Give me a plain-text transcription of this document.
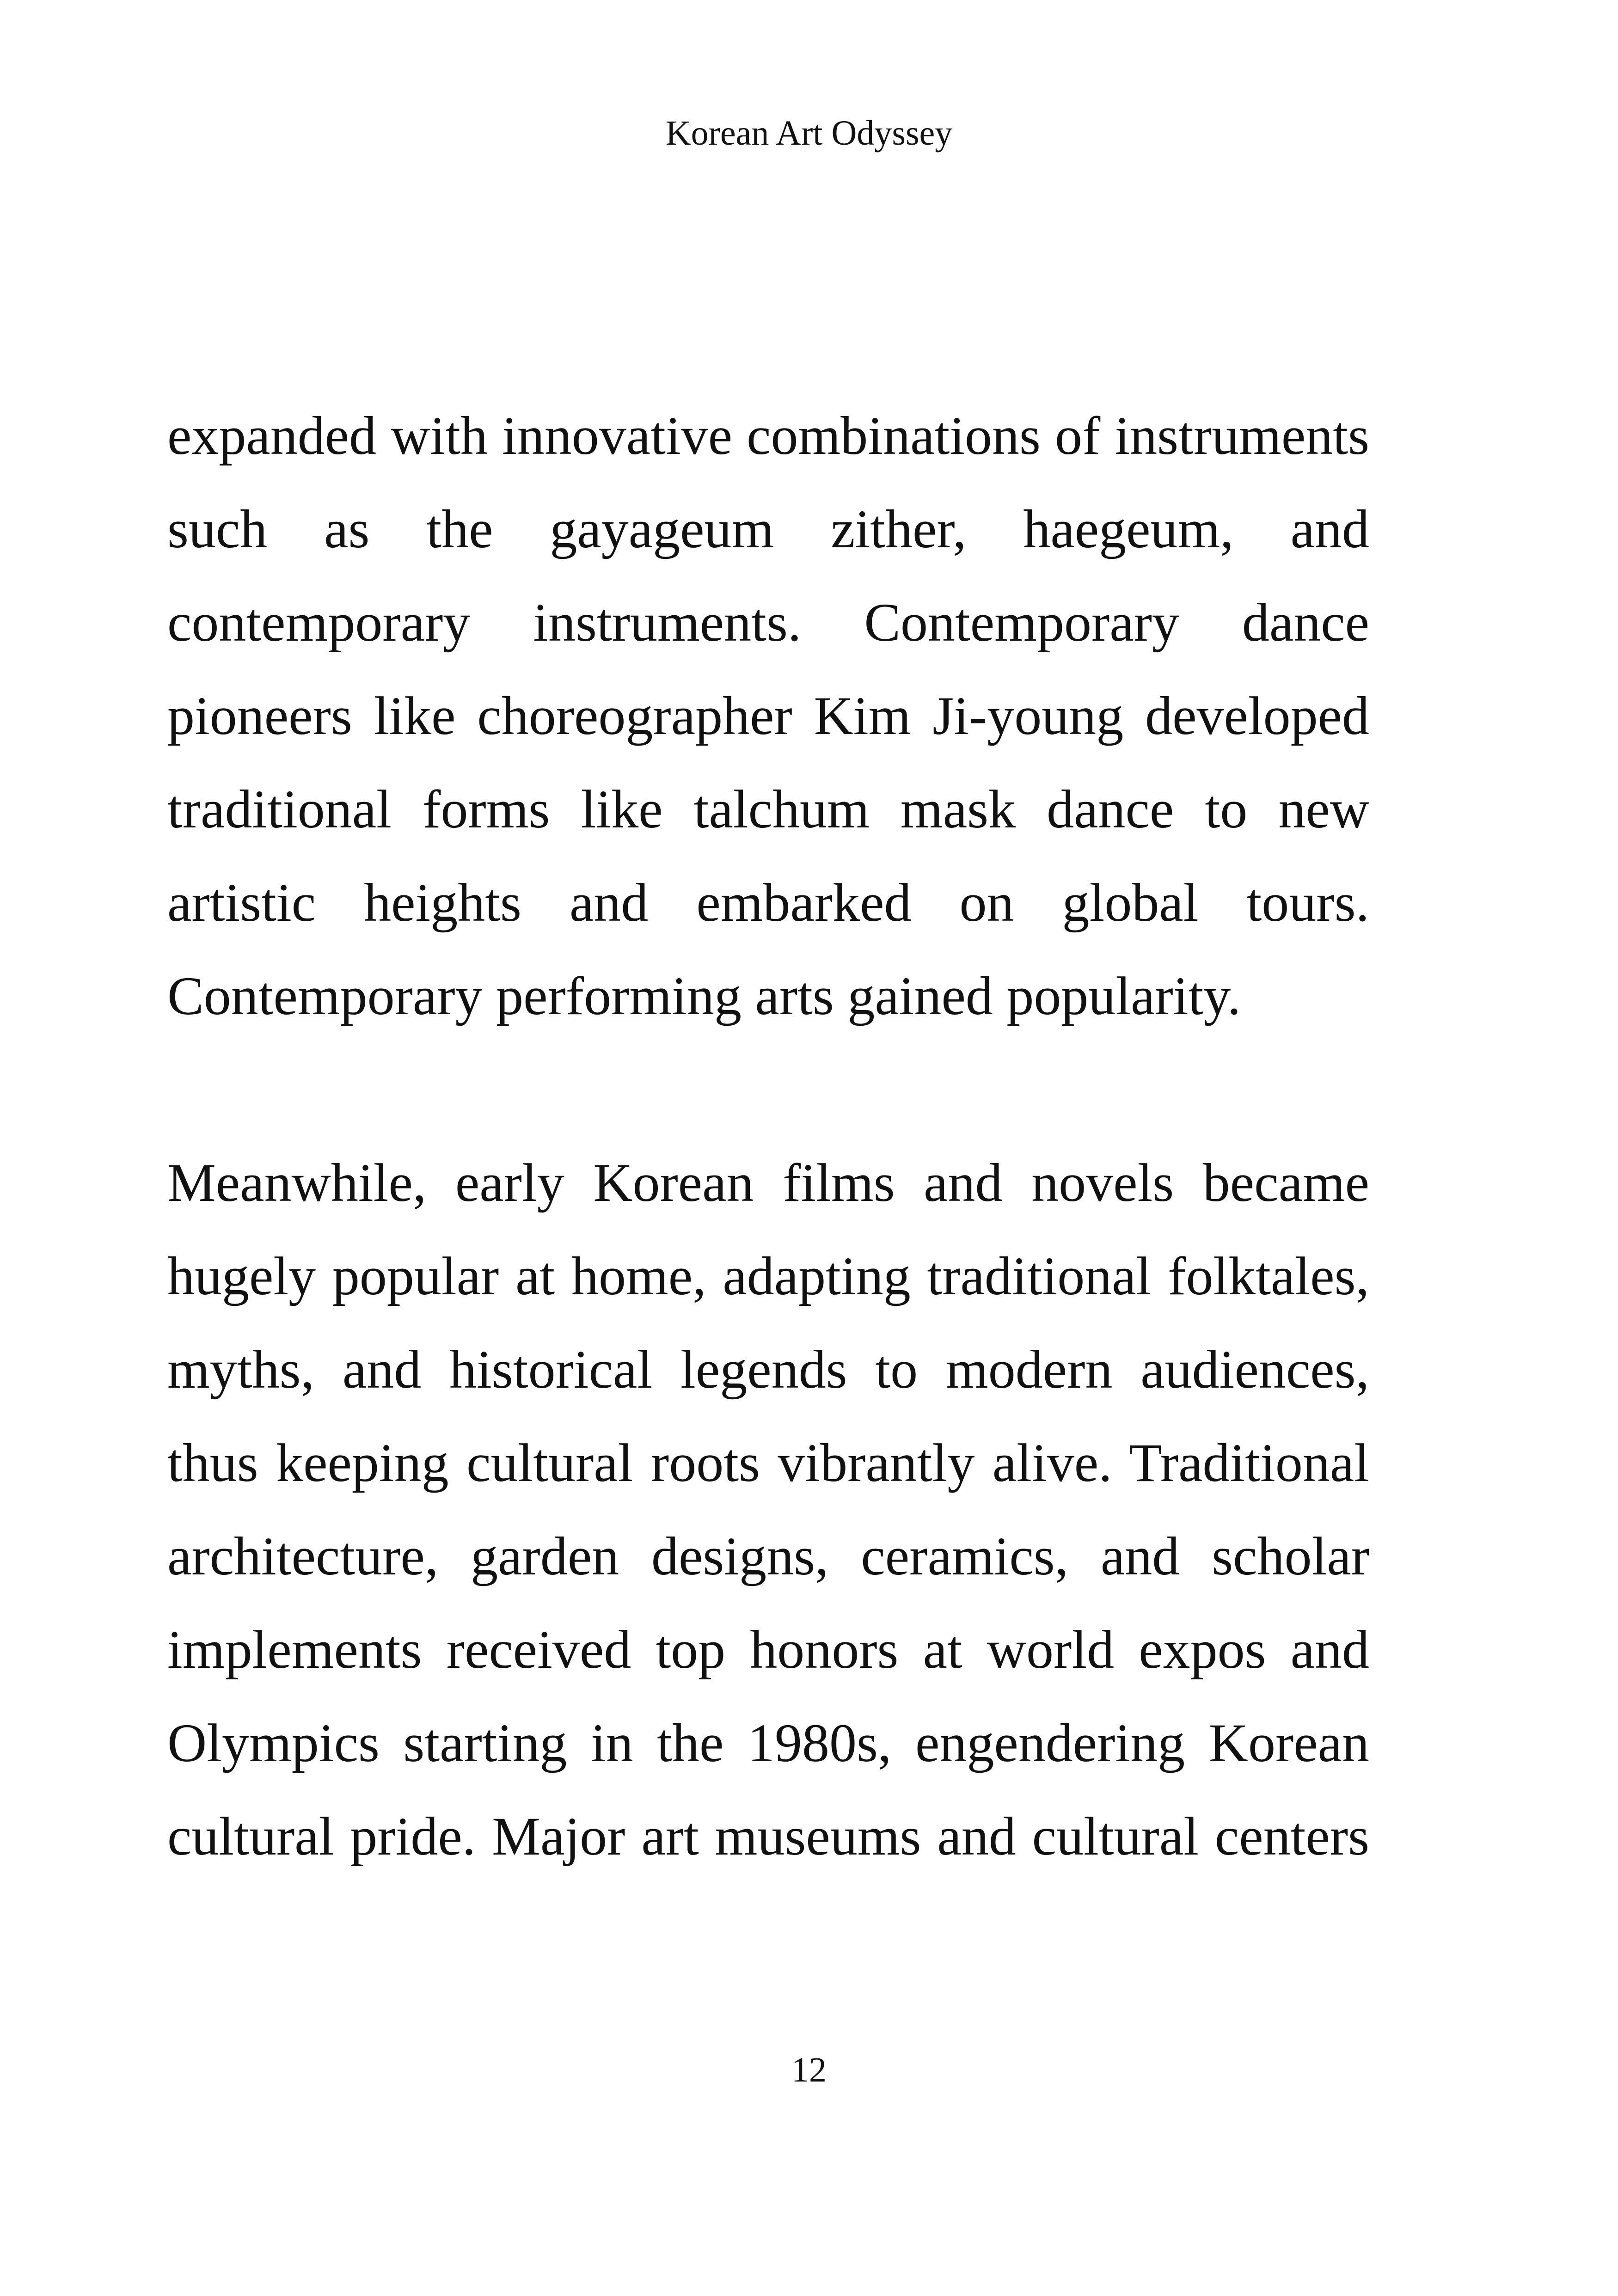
Korean Art Odyssey
expanded with innovative combinations of instruments
such as the gayageum zither, haegeum, and
contemporary instruments. Contemporary dance
pioneers like choreographer Kim Ji-young developed
traditional forms like talchum mask dance to new
artistic heights and embarked on global tours.
Contemporary performing arts gained popularity.
Meanwhile, early Korean films and novels became
hugely popular at home, adapting traditional folktales,
myths, and historical legends to modern audiences,
thus keeping cultural roots vibrantly alive. Traditional
architecture, garden designs, ceramics, and scholar
implements received top honors at world expos and
Olympics starting in the 1980s, engendering Korean
cultural pride. Major art museums and cultural centers
12
